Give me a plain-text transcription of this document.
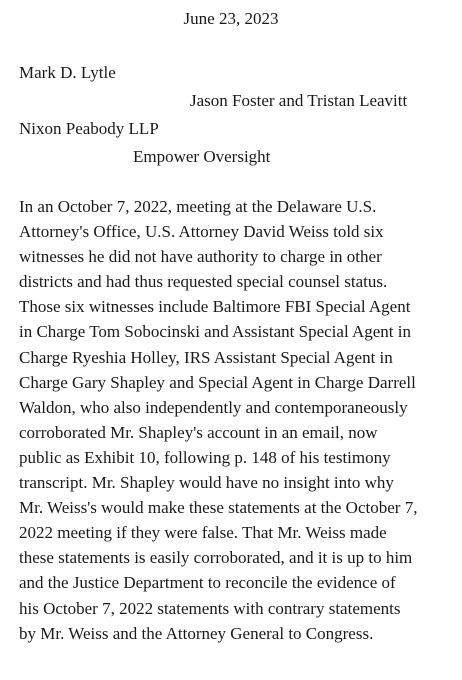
June 23, 2023
Mark D. Lytle
Jason Foster and Tristan Leavitt
Nixon Peabody LLP
Empower Oversight
In an October 7, 2022, meeting at the Delaware U.S.
Attorney's Office, U.S. Attorney David Weiss told six
witnesses he did not have authority to charge in other
districts and had thus requested special counsel status.
Those six witnesses include Baltimore FBI Special Agent
in Charge Tom Sobocinski and Assistant Special Agent in
Charge Ryeshia Holley, IRS Assistant Special Agent in
Charge Gary Shapley and Special Agent in Charge Darrell
Waldon, who also independently and contemporaneously
corroborated Mr. Shapley's account in an email, now
public as Exhibit 10, following p. 148 of his testimony
transcript. Mr. Shapley would have no insight into why
Mr. Weiss's would make these statements at the October 7,
2022 meeting if they were false. That Mr. Weiss made
these statements is easily corroborated, and it is up to him
and the Justice Department to reconcile the evidence of
his October 7, 2022 statements with contrary statements
by Mr. Weiss and the Attorney General to Congress.
